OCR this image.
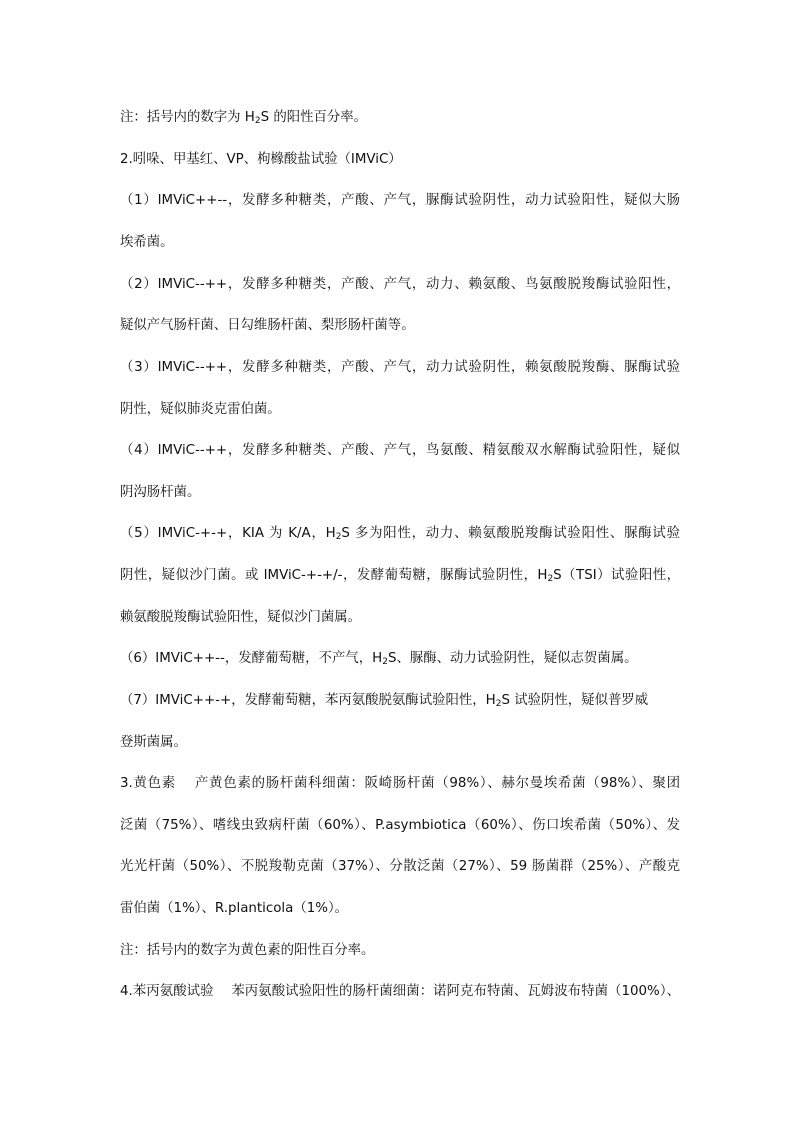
注：括号内的数字为 $H_2S$ 的阳性百分率。
2.吲哚、甲基红、VP、枸橼酸盐试验（IMViC）
（1）IMViC++--，发酵多种糖类，产酸、产气，脲酶试验阴性，动力试验阳性，疑似大肠
埃希菌。
（2）IMViC--++，发酵多种糖类，产酸、产气，动力、赖氨酸、鸟氨酸脱羧酶试验阳性，
疑似产气肠杆菌、日勾维肠杆菌、梨形肠杆菌等。
（3）IMViC--++，发酵多种糖类，产酸、产气，动力试验阴性，赖氨酸脱羧酶、脲酶试验
阴性，疑似肺炎克雷伯菌。
（4）IMViC--++，发酵多种糖类、产酸、产气，鸟氨酸、精氨酸双水解酶试验阳性，疑似
阴沟肠杆菌。
（5）IMViC-+-+，KIA 为 K/A，$H_2S$ 多为阳性，动力、赖氨酸脱羧酶试验阳性、脲酶试验
阴性，疑似沙门菌。或 IMViC-+-+/-，发酵葡萄糖，脲酶试验阴性，$H_2S(TSI)$试验阳性，
赖氨酸脱羧酶试验阳性，疑似沙门菌属。
（6）IMViC++--，发酵葡萄糖，不产气，$H_2S$、脲酶、动力试验阴性，疑似志贺菌属。
（7）IMViC++-+，发酵葡萄糖，苯丙氨酸脱氨酶试验阳性，$H_2S$ 试验阴性，疑似普罗威
登斯菌属。
3.黄色素　 产黄色素的肠杆菌科细菌：阪崎肠杆菌（98%）、赫尔曼埃希菌（98%）、聚团
泛菌（75%）、嗜线虫致病杆菌（60%）、P.asymbiotica（60%）、伤口埃希菌（50%）、发
光光杆菌（50%）、不脱羧勒克菌（37%）、分散泛菌（27%）、59 肠菌群（25%）、产酸克
雷伯菌（1%）、R.planticola（1%）。
注：括号内的数字为黄色素的阳性百分率。
4.苯丙氨酸试验　 苯丙氨酸试验阳性的肠杆菌细菌：诺阿克布特菌、瓦姆波布特菌（100%）、
